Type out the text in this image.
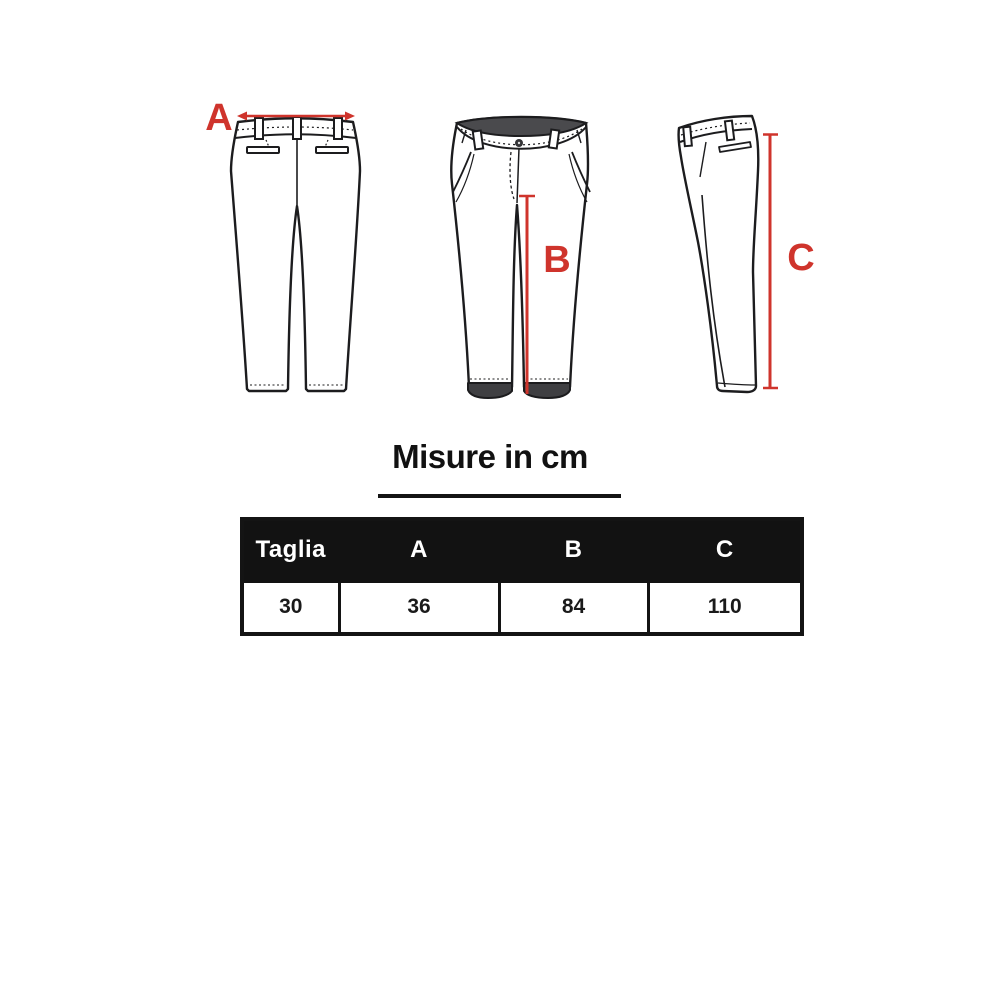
A
B	C
Misure in cm
Taglia	A	B	C
30	36	84	110
